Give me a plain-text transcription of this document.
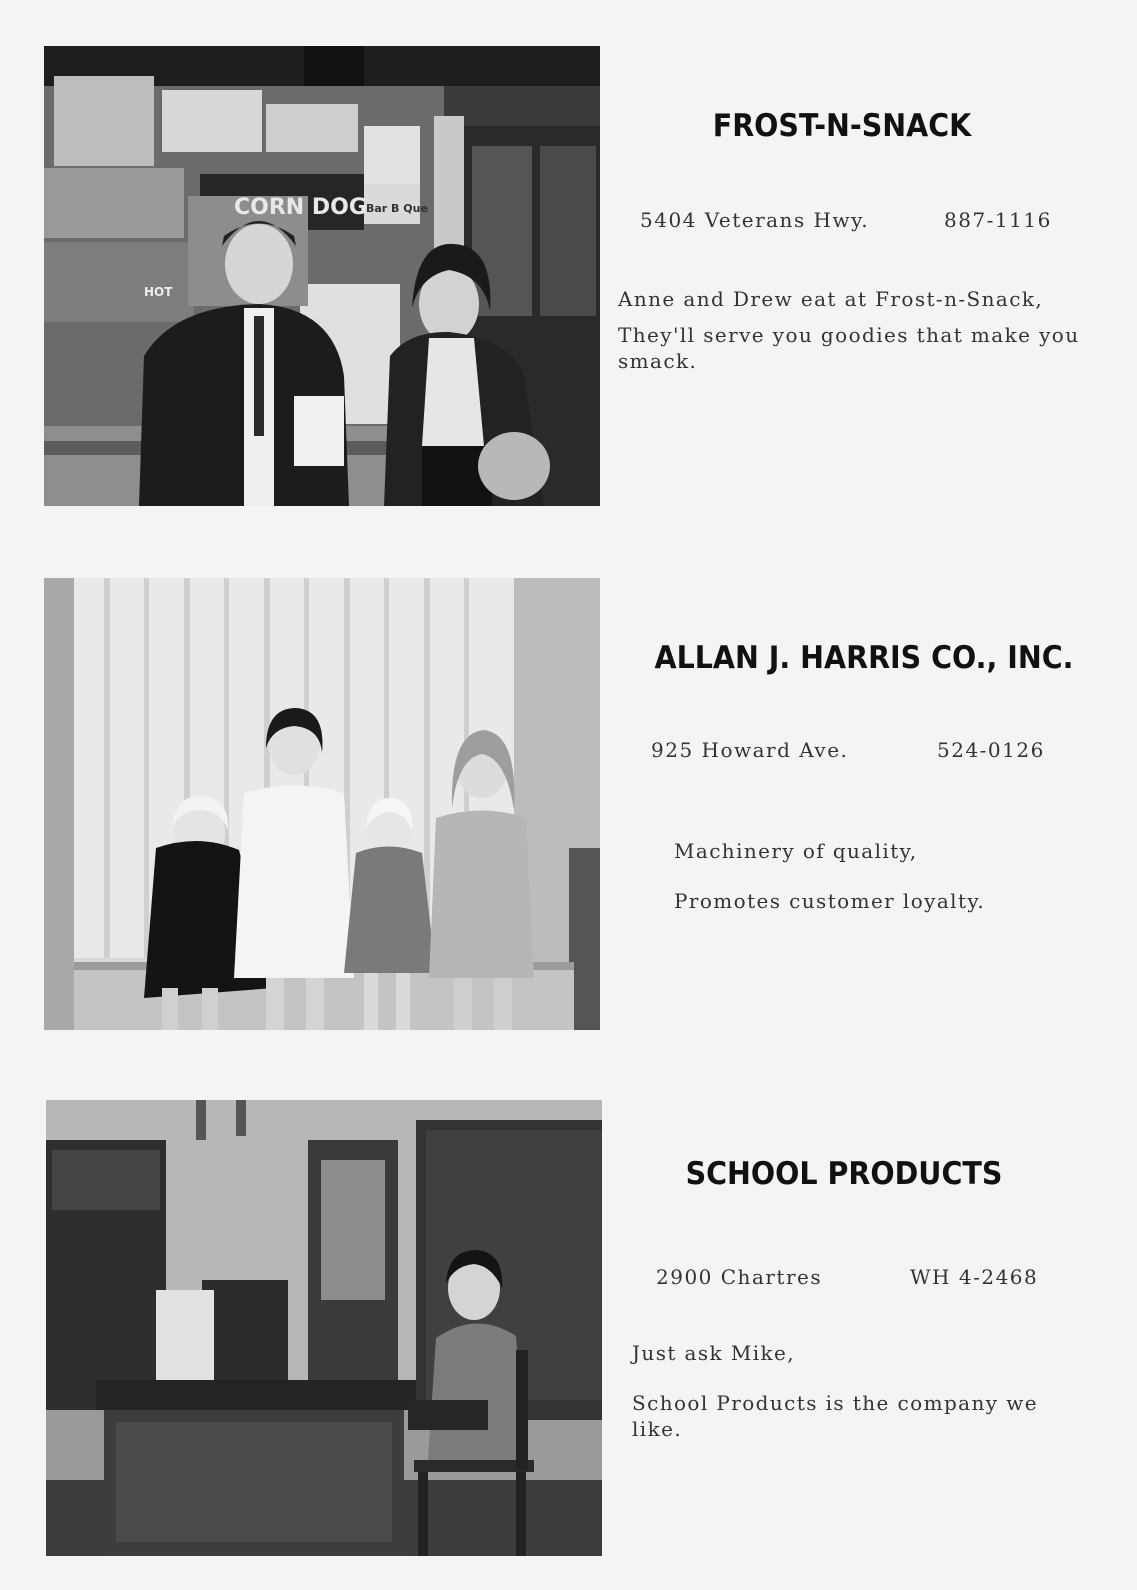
CORN DOG Bar B Que
HOT
FROST-N-SNACK
5404 Veterans Hwy.	887-1116
Anne and Drew eat at Frost-n-Snack,
They'll serve you goodies that make you smack.
ALLAN J. HARRIS CO., INC.
925 Howard Ave.	524-0126
Machinery of quality,
Promotes customer loyalty.
SCHOOL PRODUCTS
2900 Chartres	WH 4-2468
Just ask Mike,
School Products is the company we like.
